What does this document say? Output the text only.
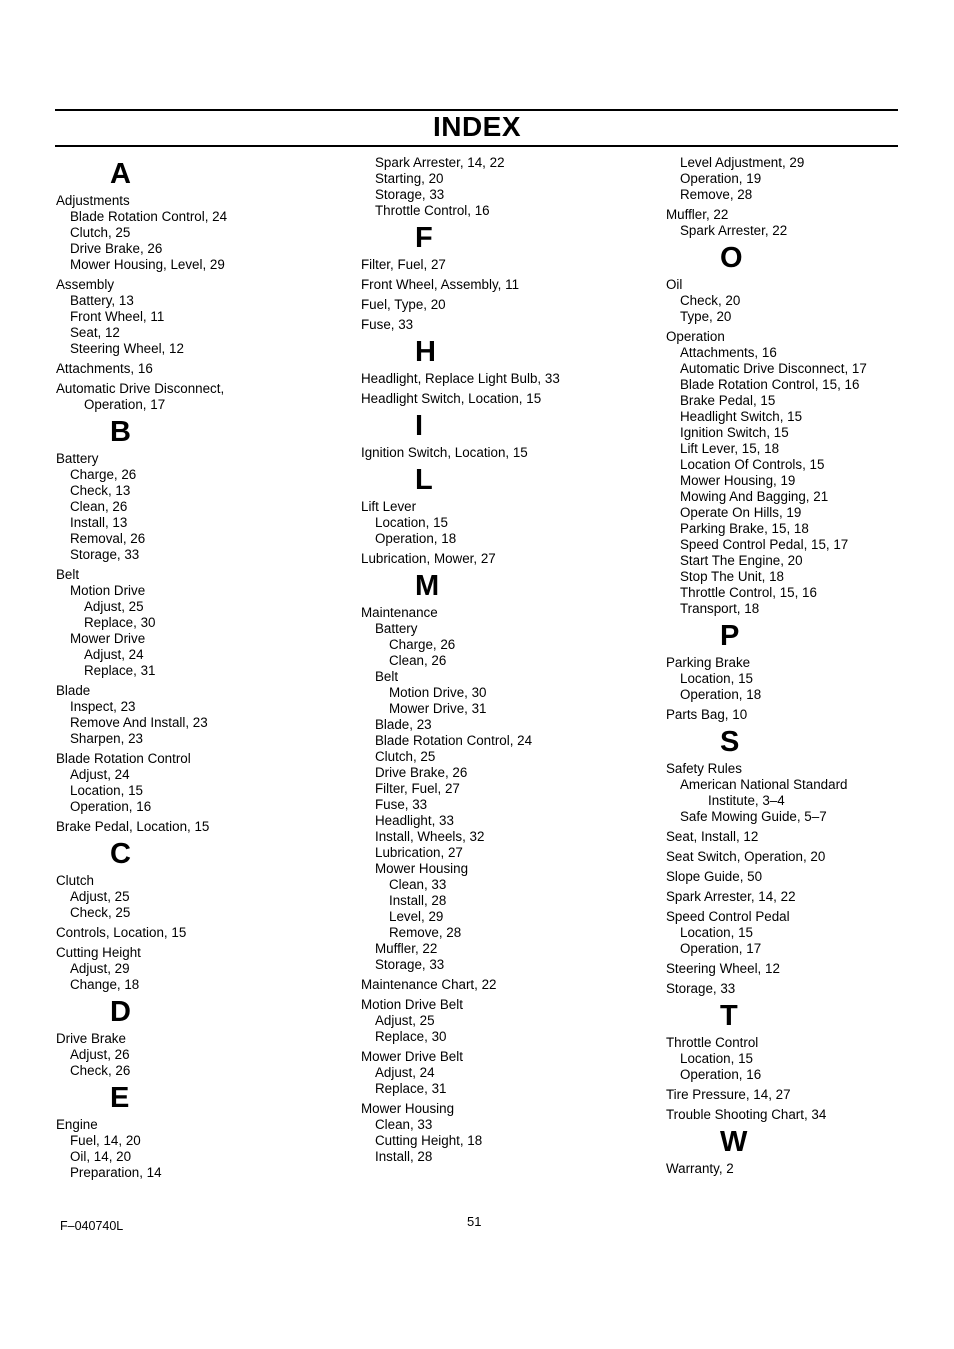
INDEX
A
Adjustments
Blade Rotation Control, 24
Clutch, 25
Drive Brake, 26
Mower Housing, Level, 29
Assembly
Battery, 13
Front Wheel, 11
Seat, 12
Steering Wheel, 12
Attachments, 16
Automatic Drive Disconnect,
Operation, 17
B
Battery
Charge, 26
Check, 13
Clean, 26
Install, 13
Removal, 26
Storage, 33
Belt
Motion Drive
Adjust, 25
Replace, 30
Mower Drive
Adjust, 24
Replace, 31
Blade
Inspect, 23
Remove And Install, 23
Sharpen, 23
Blade Rotation Control
Adjust, 24
Location, 15
Operation, 16
Brake Pedal, Location, 15
C
Clutch
Adjust, 25
Check, 25
Controls, Location, 15
Cutting Height
Adjust, 29
Change, 18
D
Drive Brake
Adjust, 26
Check, 26
E
Engine
Fuel, 14, 20
Oil, 14, 20
Preparation, 14
Spark Arrester, 14, 22
Starting, 20
Storage, 33
Throttle Control, 16
F
Filter, Fuel, 27
Front Wheel, Assembly, 11
Fuel, Type, 20
Fuse, 33
H
Headlight, Replace Light Bulb, 33
Headlight Switch, Location, 15
I
Ignition Switch, Location, 15
L
Lift Lever
Location, 15
Operation, 18
Lubrication, Mower, 27
M
Maintenance
Battery
Charge, 26
Clean, 26
Belt
Motion Drive, 30
Mower Drive, 31
Blade, 23
Blade Rotation Control, 24
Clutch, 25
Drive Brake, 26
Filter, Fuel, 27
Fuse, 33
Headlight, 33
Install, Wheels, 32
Lubrication, 27
Mower Housing
Clean, 33
Install, 28
Level, 29
Remove, 28
Muffler, 22
Storage, 33
Maintenance Chart, 22
Motion Drive Belt
Adjust, 25
Replace, 30
Mower Drive Belt
Adjust, 24
Replace, 31
Mower Housing
Clean, 33
Cutting Height, 18
Install, 28
Level Adjustment, 29
Operation, 19
Remove, 28
Muffler, 22
Spark Arrester, 22
O
Oil
Check, 20
Type, 20
Operation
Attachments, 16
Automatic Drive Disconnect, 17
Blade Rotation Control, 15, 16
Brake Pedal, 15
Headlight Switch, 15
Ignition Switch, 15
Lift Lever, 15, 18
Location Of Controls, 15
Mower Housing, 19
Mowing And Bagging, 21
Operate On Hills, 19
Parking Brake, 15, 18
Speed Control Pedal, 15, 17
Start The Engine, 20
Stop The Unit, 18
Throttle Control, 15, 16
Transport, 18
P
Parking Brake
Location, 15
Operation, 18
Parts Bag, 10
S
Safety Rules
American National Standard
Institute, 3–4
Safe Mowing Guide, 5–7
Seat, Install, 12
Seat Switch, Operation, 20
Slope Guide, 50
Spark Arrester, 14, 22
Speed Control Pedal
Location, 15
Operation, 17
Steering Wheel, 12
Storage, 33
T
Throttle Control
Location, 15
Operation, 16
Tire Pressure, 14, 27
Trouble Shooting Chart, 34
W
Warranty, 2
F–040740L	51
